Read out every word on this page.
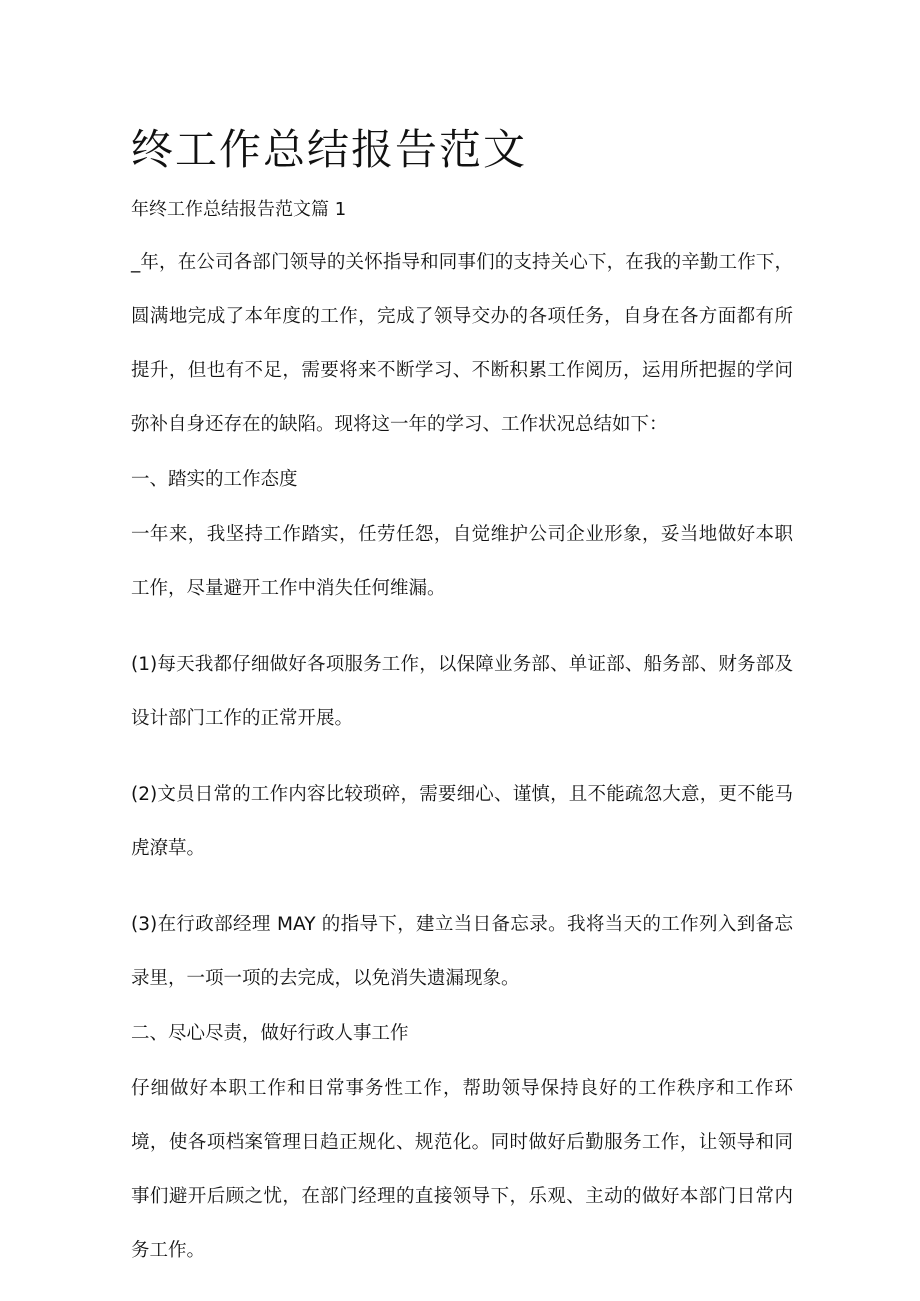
终工作总结报告范文

年终工作总结报告范文篇 1

_年，在公司各部门领导的关怀指导和同事们的支持关心下，在我的辛勤工作下，圆满地完成了本年度的工作，完成了领导交办的各项任务，自身在各方面都有所提升，但也有不足，需要将来不断学习、不断积累工作阅历，运用所把握的学问弥补自身还存在的缺陷。现将这一年的学习、工作状况总结如下：

一、踏实的工作态度

一年来，我坚持工作踏实，任劳任怨，自觉维护公司企业形象，妥当地做好本职工作，尽量避开工作中消失任何维漏。

(1)每天我都仔细做好各项服务工作，以保障业务部、单证部、船务部、财务部及设计部门工作的正常开展。

(2)文员日常的工作内容比较琐碎，需要细心、谨慎，且不能疏忽大意，更不能马虎潦草。

(3)在行政部经理 MAY 的指导下，建立当日备忘录。我将当天的工作列入到备忘录里，一项一项的去完成，以免消失遗漏现象。

二、尽心尽责，做好行政人事工作

仔细做好本职工作和日常事务性工作，帮助领导保持良好的工作秩序和工作环境，使各项档案管理日趋正规化、规范化。同时做好后勤服务工作，让领导和同事们避开后顾之忧，在部门经理的直接领导下，乐观、主动的做好本部门日常内务工作。
